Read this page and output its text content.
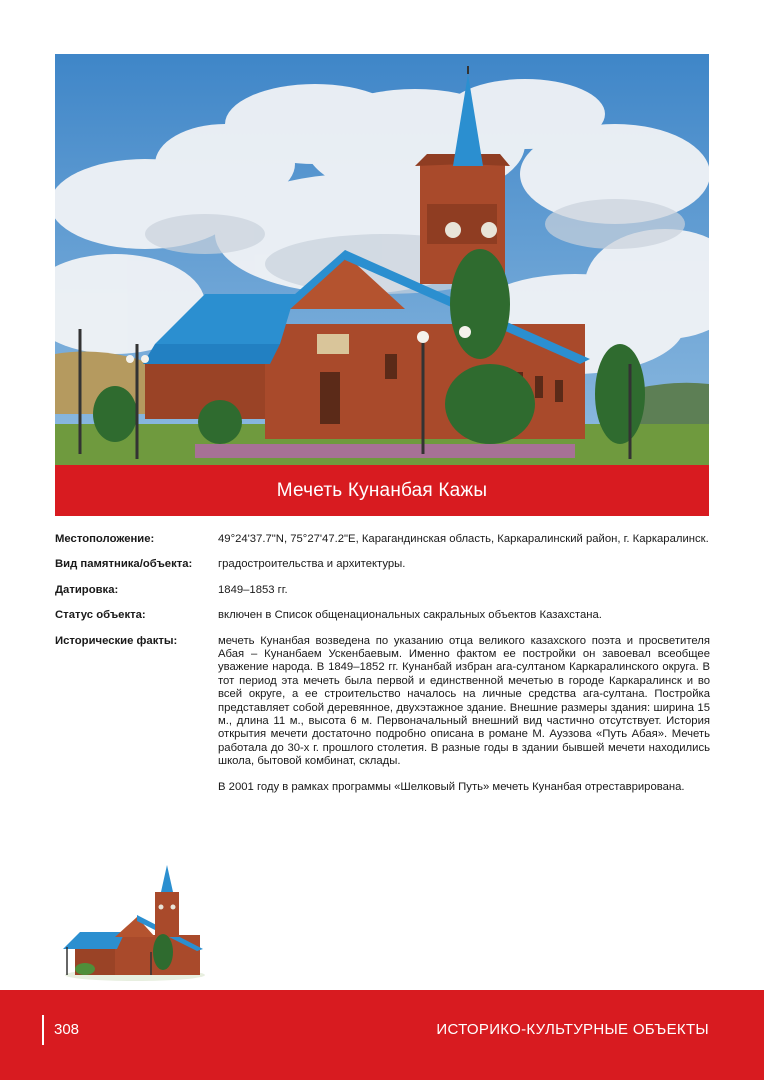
Мечеть Кунанбая Кажы
Местоположение:	49°24'37.7"N, 75°27'47.2"E, Карагандинская область, Каркаралинский район, г. Каркаралинск.
Вид памятника/объекта:	градостроительства и архитектуры.
Датировка:	1849–1853 гг.
Статус объекта:	включен в Список общенациональных сакральных объектов Казахстана.
Исторические факты:	мечеть Кунанбая возведена по указанию отца великого казахского поэта и просветителя Абая – Кунанбаем Ускенбаевым. Именно фактом ее постройки он завоевал всеобщее уважение народа. В 1849–1852 гг. Кунанбай избран ага-султаном Каркаралинского округа. В тот период эта мечеть была первой и единственной мечетью в городе Каркаралинск и во всей округе, а ее строительство началось на личные средства ага-султана. Постройка представляет собой деревянное, двухэтажное здание. Внешние размеры здания: ширина 15 м., длина 11 м., высота 6 м. Первоначальный внешний вид частично отсутствует. История открытия мечети достаточно подробно описана в романе М. Ауэзова «Путь Абая». Мечеть работала до 30-х г. прошлого столетия. В разные годы в здании бывшей мечети находились школа, бытовой комбинат, склады.

В 2001 году в рамках программы «Шелковый Путь» мечеть Кунанбая отреставрирована.

308	ИСТОРИКО-КУЛЬТУРНЫЕ ОБЪЕКТЫ
